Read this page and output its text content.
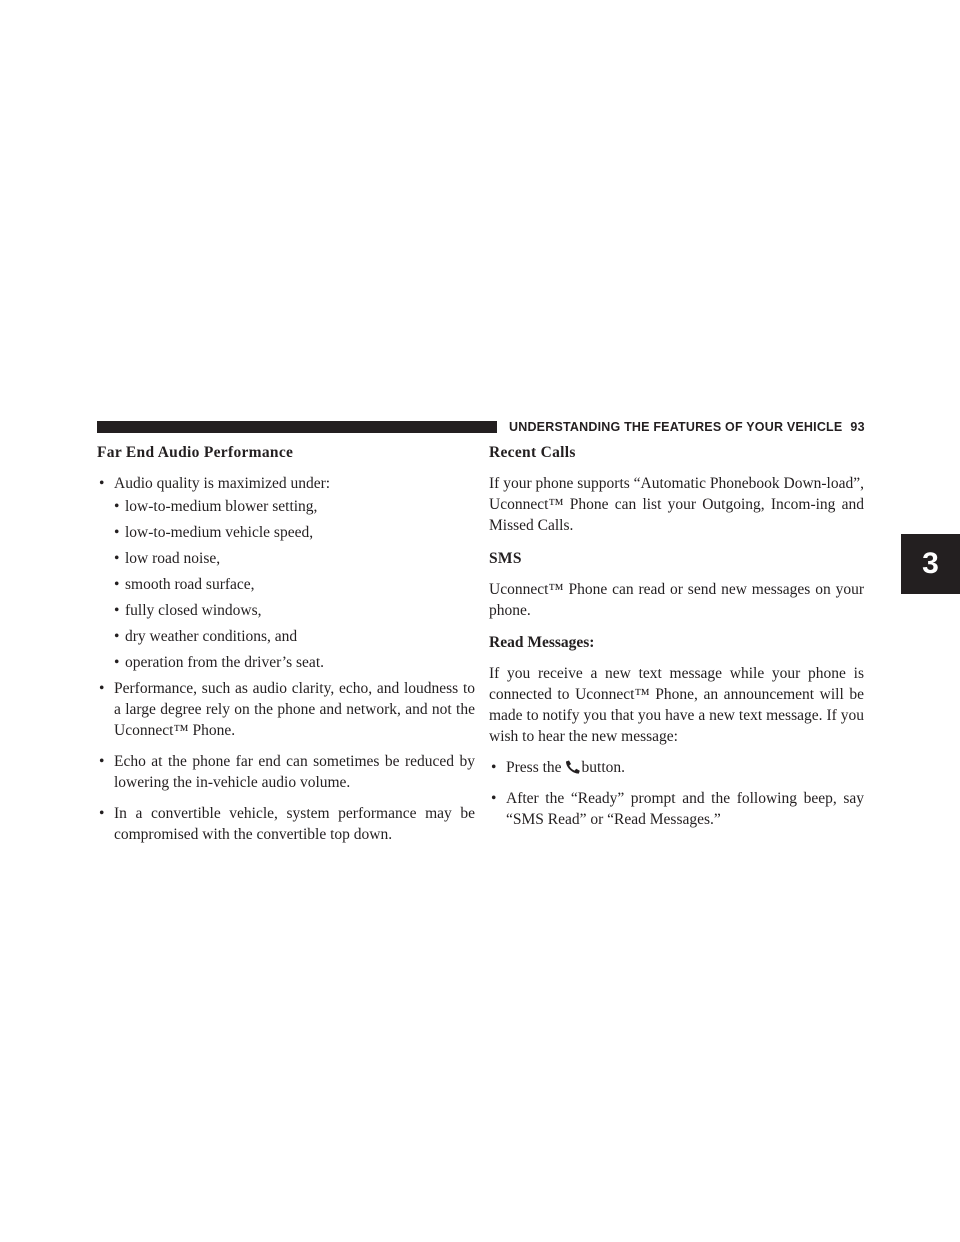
UNDERSTANDING THE FEATURES OF YOUR VEHICLE 93
3
Far End Audio Performance
• Audio quality is maximized under:
• low-to-medium blower setting,
• low-to-medium vehicle speed,
• low road noise,
• smooth road surface,
• fully closed windows,
• dry weather conditions, and
• operation from the driver’s seat.
• Performance, such as audio clarity, echo, and loudness to a large degree rely on the phone and network, and not the Uconnect™ Phone.
• Echo at the phone far end can sometimes be reduced by lowering the in-vehicle audio volume.
• In a convertible vehicle, system performance may be compromised with the convertible top down.
Recent Calls

If your phone supports “Automatic Phonebook Down-load”, Uconnect™ Phone can list your Outgoing, Incom-ing and Missed Calls.

SMS

Uconnect™ Phone can read or send new messages on your phone.

Read Messages:

If you receive a new text message while your phone is connected to Uconnect™ Phone, an announcement will be made to notify you that you have a new text message. If you wish to hear the new message:

• Press the button.
• After the “Ready” prompt and the following beep, say “SMS Read” or “Read Messages.”
